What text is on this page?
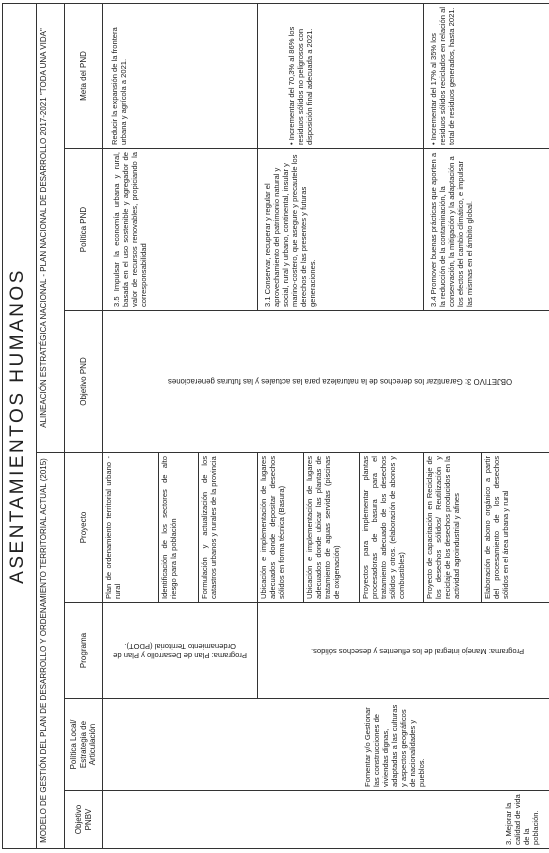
ASENTAMIENTOS HUMANOS						
MODELO DE GESTIÓN DEL PLAN DE DESARROLLO Y ORDENAMIENTO TERRITORIAL ACTUAL (2015)				ALINEACIÓN ESTRATÉGICA NACIONAL - PLAN NACIONAL DE DESARROLLO 2017-2021 "TODA UNA VIDA"		
Objetivo PNBV	Política Local/ Estrategia de Articulación	Programa	Proyecto	Objetivo PND	Política PND	Meta del PND
3. Mejorar la calidad de vida de la población.	Fomentar y/o Gestionar las construcciones de viviendas dignas, adaptadas a las culturas y aspectos geográficos de nacionalidades y pueblos.	Programa: Plan de Desarrollo y Plan de Ordenamiento Territorial (PDOT).	Plan de ordenamiento territorial urbano - rural	OBJETIVO 3: Garantizar los derechos de la naturaleza para las actuales y las futuras generaciones	3.5 Impulsar la economía urbana y rural, basada en el uso sostenible y agregador de valor de recursos renovables, propiciando la corresponsabilidad	Reducir la expansión de la frontera urbana y agrícola a 2021.
			Identificación de los sectores de alto riesgo para la población			
			Formulación y actualización de los catastros urbanos y rurales de la provincia			

		Programa: Manejo integral de los efluentes y desechos sólidos.	Ubicación e implementación de lugares adecuados donde depositar desechos sólidos en forma técnica (Basura)		3.1 Conservar, recuperar y regular el aprovechamiento del patrimonio natural y social, rural y urbano, continental, insular y marino-costero, que asegure y precautele los derechos de las presentes y futuras generaciones.	• Incrementar del 70,3% al 86% los residuos sólidos no peligrosos con disposición final adecuada a 2021.
			Ubicación e implementación de lugares adecuados donde ubicar las plantas de tratamiento de aguas servidas (piscinas de oxigenación)			
			Proyectos para implementar plantas procesadoras de basura para el tratamiento adecuado de los desechos sólidos y otros. (elaboración de abonos y combustibles)			
			Proyecto de capacitación en Reciclaje de los desechos sólidos/ Reutilización y reciclaje de los desechos producidos en la actividad agroindustrial y afines		3.4 Promover buenas prácticas que aporten a la reducción de la contaminación, la conservación, la mitigación y la adaptación a los efectos del cambio climático, e impulsar las mismas en el ámbito global.	• Incrementar del 17% al 35% los residuos sólidos reciclados en relación al total de residuos generados, hasta 2021.
			Elaboración de abono orgánico a partir del procesamiento de los desechos sólidos en el área urbana y rural			
